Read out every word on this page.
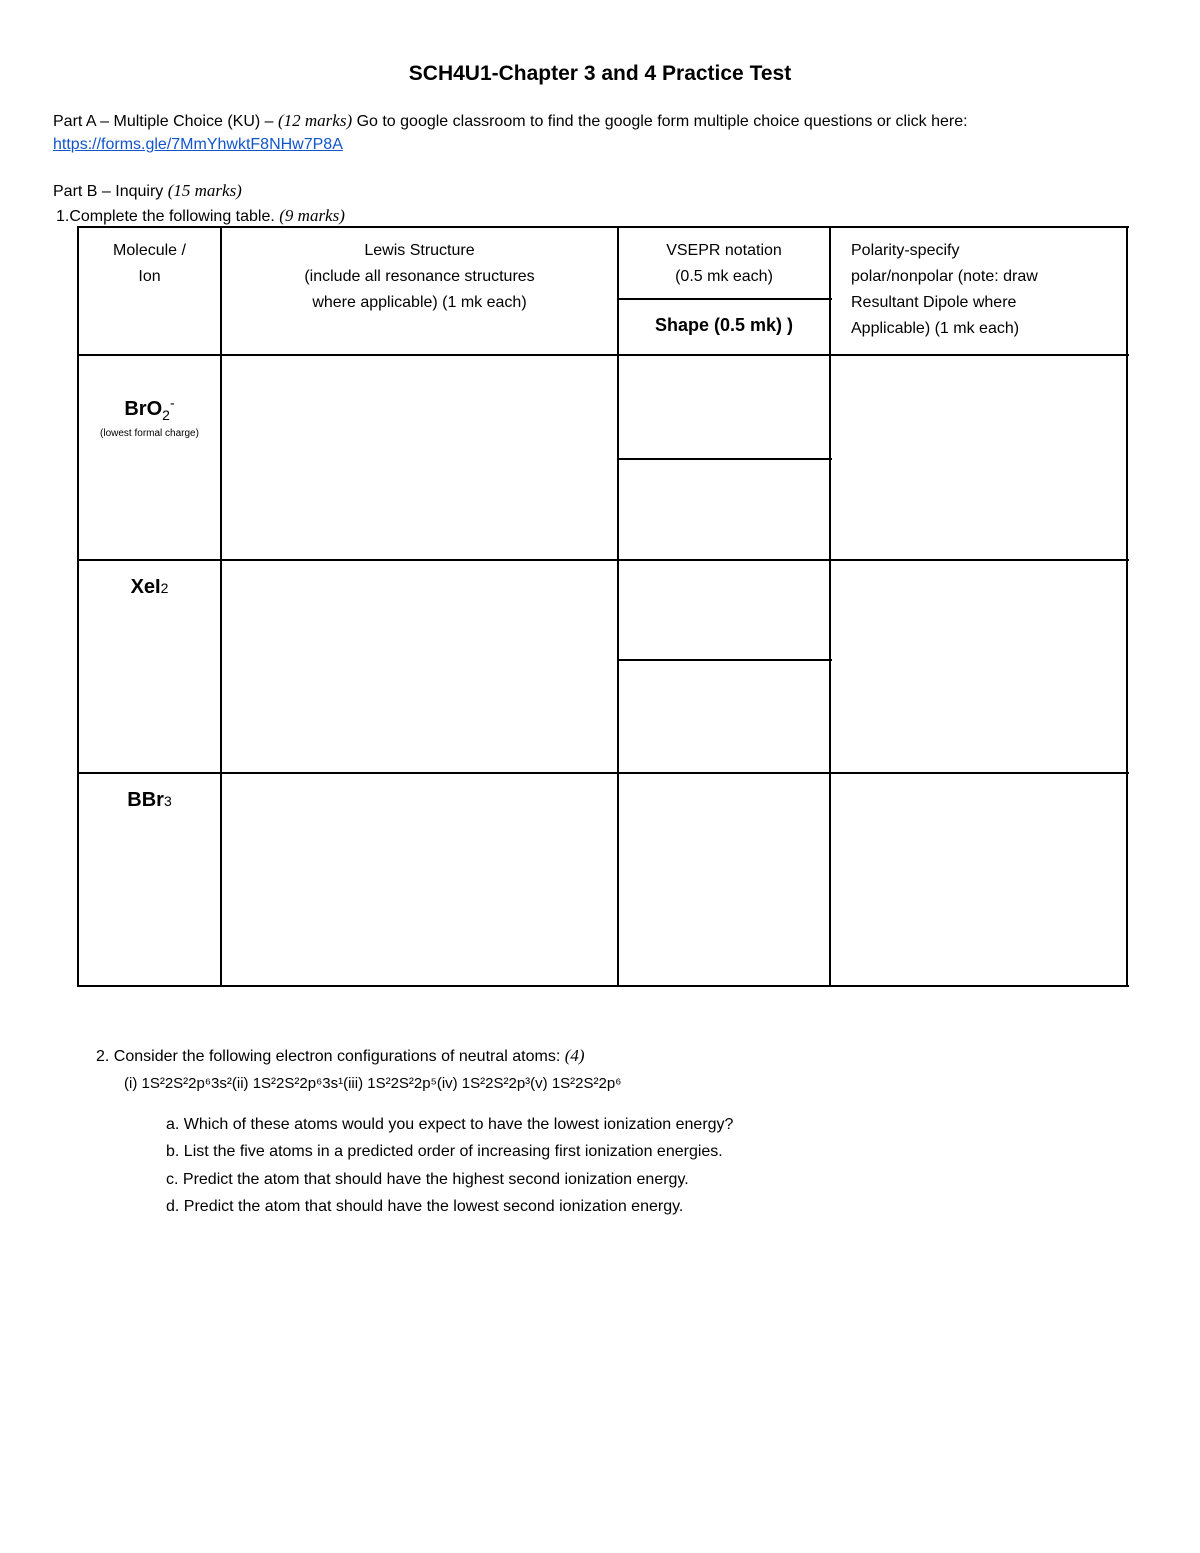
SCH4U1-Chapter 3 and 4 Practice Test
Part A – Multiple Choice (KU) – (12 marks) Go to google classroom to find the google form multiple choice questions or click here:
https://forms.gle/7MmYhwktF8NHw7P8A
Part B – Inquiry (15 marks)
1.Complete the following table. (9 marks)
Molecule /
Ion
Lewis Structure
(include all resonance structures
where applicable) (1 mk each)
VSEPR notation
(0.5 mk each)
Shape (0.5 mk) )
Polarity-specify
polar/nonpolar (note: draw
Resultant Dipole where
Applicable) (1 mk each)
BrO$_2$-
(lowest formal charge)
XeI2
BBr3
2. Consider the following electron configurations of neutral atoms: (4)
(i) 1S²2S²2p⁶3s²(ii) 1S²2S²2p⁶3s¹(iii) 1S²2S²2p⁵(iv) 1S²2S²2p³(v) 1S²2S²2p⁶
a. Which of these atoms would you expect to have the lowest ionization energy?
b. List the five atoms in a predicted order of increasing first ionization energies.
c. Predict the atom that should have the highest second ionization energy.
d. Predict the atom that should have the lowest second ionization energy.
